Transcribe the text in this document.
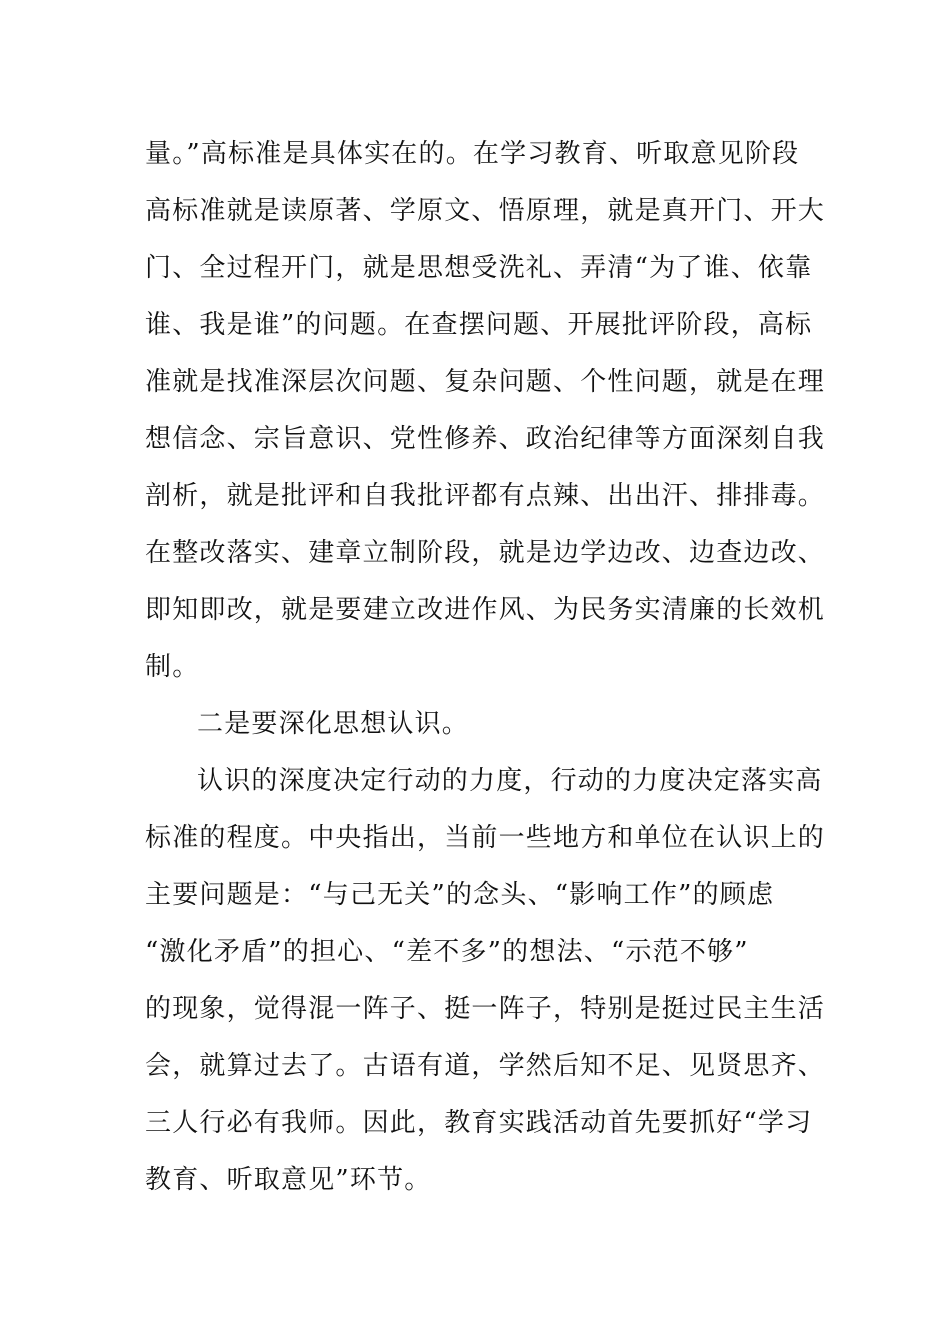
量。”高标准是具体实在的。在学习教育、听取意见阶段

高标准就是读原著、学原文、悟原理，就是真开门、开大

门、全过程开门，就是思想受洗礼、弄清“为了谁、依靠

谁、我是谁”的问题。在查摆问题、开展批评阶段，高标

准就是找准深层次问题、复杂问题、个性问题，就是在理

想信念、宗旨意识、党性修养、政治纪律等方面深刻自我

剖析，就是批评和自我批评都有点辣、出出汗、排排毒。

在整改落实、建章立制阶段，就是边学边改、边查边改、

即知即改，就是要建立改进作风、为民务实清廉的长效机

制。

二是要深化思想认识。

认识的深度决定行动的力度，行动的力度决定落实高

标准的程度。中央指出，当前一些地方和单位在认识上的

主要问题是：“与己无关”的念头、“影响工作”的顾虑

“激化矛盾”的担心、“差不多”的想法、“示范不够”

的现象，觉得混一阵子、挺一阵子，特别是挺过民主生活

会，就算过去了。古语有道，学然后知不足、见贤思齐、

三人行必有我师。因此，教育实践活动首先要抓好“学习

教育、听取意见”环节。
